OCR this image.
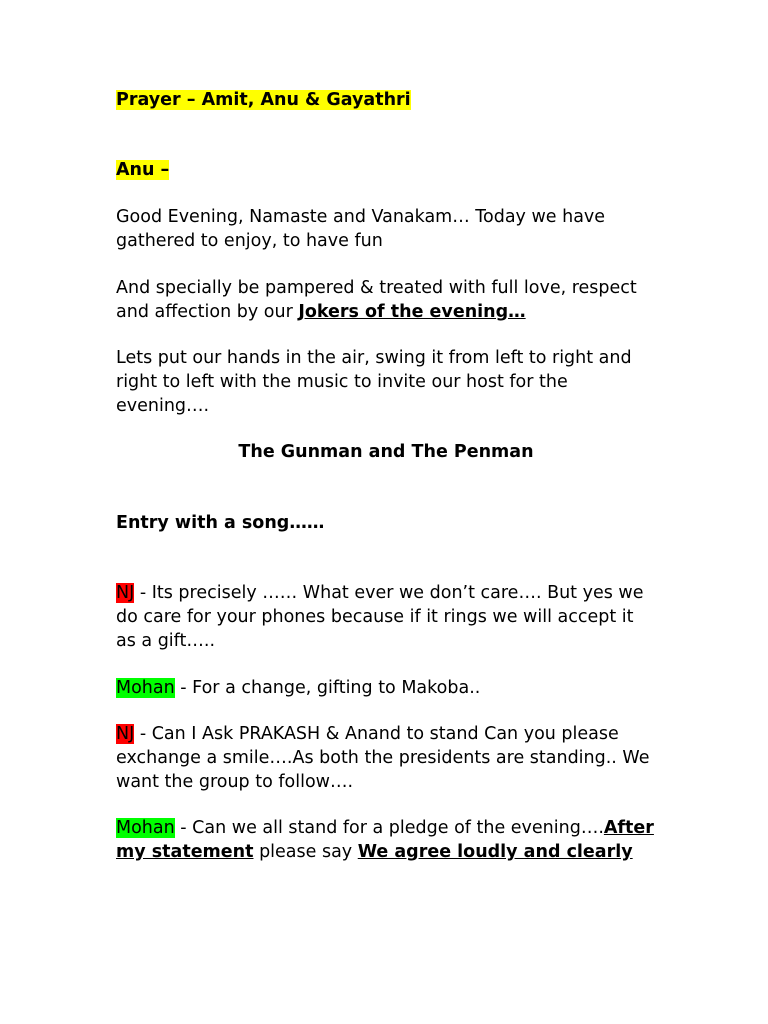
Prayer – Amit, Anu & Gayathri

Anu –

Good Evening, Namaste and Vanakam… Today we have gathered to enjoy, to have fun

And specially be pampered & treated with full love, respect and affection by our Jokers of the evening…

Lets put our hands in the air, swing it from left to right and right to left with the music to invite our host for the evening….

The Gunman and The Penman

Entry with a song……

NJ - Its precisely …… What ever we don’t care…. But yes we do care for your phones because if it rings we will accept it as a gift…..

Mohan - For a change, gifting to Makoba..

NJ - Can I Ask PRAKASH & Anand to stand Can you please exchange a smile….As both the presidents are standing.. We want the group to follow….

Mohan - Can we all stand for a pledge of the evening….After my statement please say We agree loudly and clearly
